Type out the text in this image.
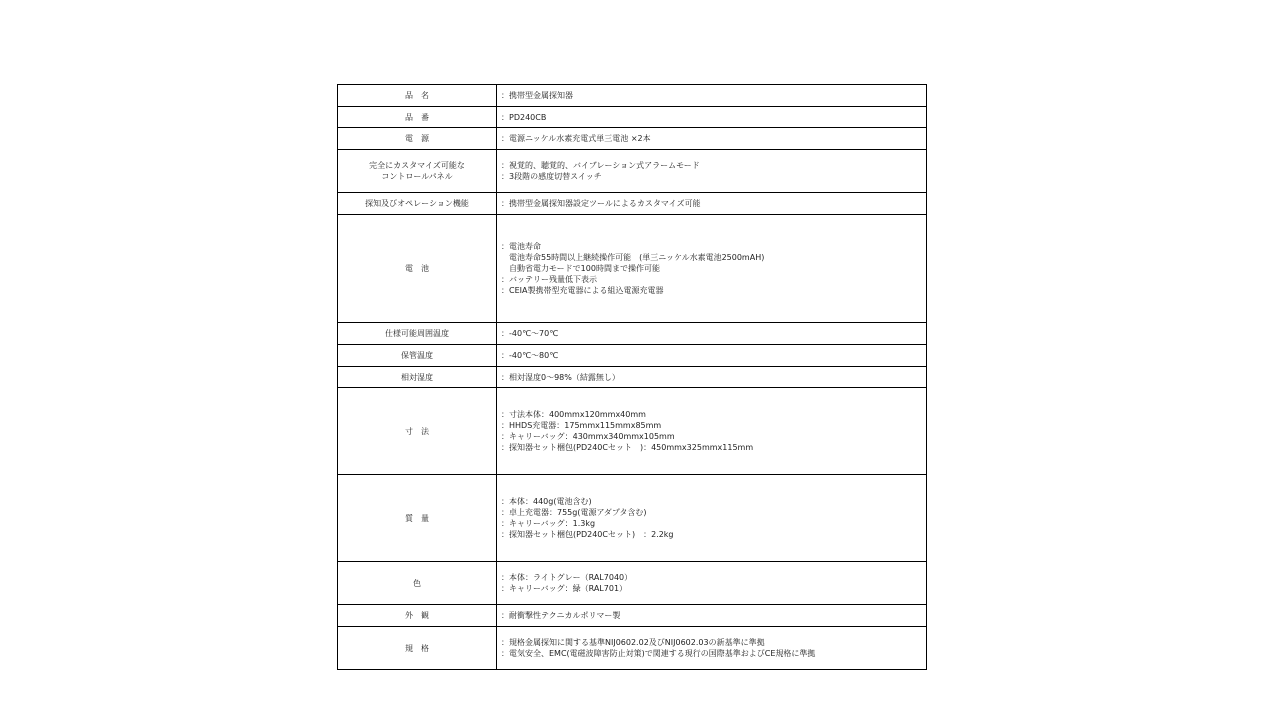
品　名	：携帯型金属探知器

品　番	：PD240CB

電　源	：電源ニッケル水素充電式単三電池 ×2本

完全にカスタマイズ可能な
コントロールパネル	：視覚的、聴覚的、バイブレーション式アラームモード
：3段階の感度切替スイッチ

探知及びオペレーション機能	：携帯型金属探知器設定ツールによるカスタマイズ可能

電　池	：電池寿命
　電池寿命55時間以上継続操作可能　(単三ニッケル水素電池2500mAH)
　自動省電力モードで100時間まで操作可能
：バッテリー残量低下表示
：CEIA製携帯型充電器による組込電源充電器

仕様可能周囲温度	：-40℃～70℃

保管温度	：-40℃～80℃

相対湿度	：相対湿度0～98%（結露無し）

寸　法	：寸法本体：400mmx120mmx40mm
：HHDS充電器：175mmx115mmx85mm
：キャリーバッグ：430mmx340mmx105mm
：探知器セット梱包(PD240Cセット　)：450mmx325mmx115mm

質　量	：本体：440g(電池含む)
：卓上充電器：755g(電源アダプタ含む)
：キャリーバッグ：1.3kg
：探知器セット梱包(PD240Cセット)　：2.2kg

色	：本体：ライトグレー（RAL7040）
：キャリーバッグ：緑（RAL701）

外　観	：耐衝撃性テクニカルポリマー製

規　格	：規格金属探知に関する基準NIJ0602.02及びNIJ0602.03の新基準に準拠
：電気安全、EMC(電磁波障害防止対策)で関連する現行の国際基準およびCE規格に準拠
